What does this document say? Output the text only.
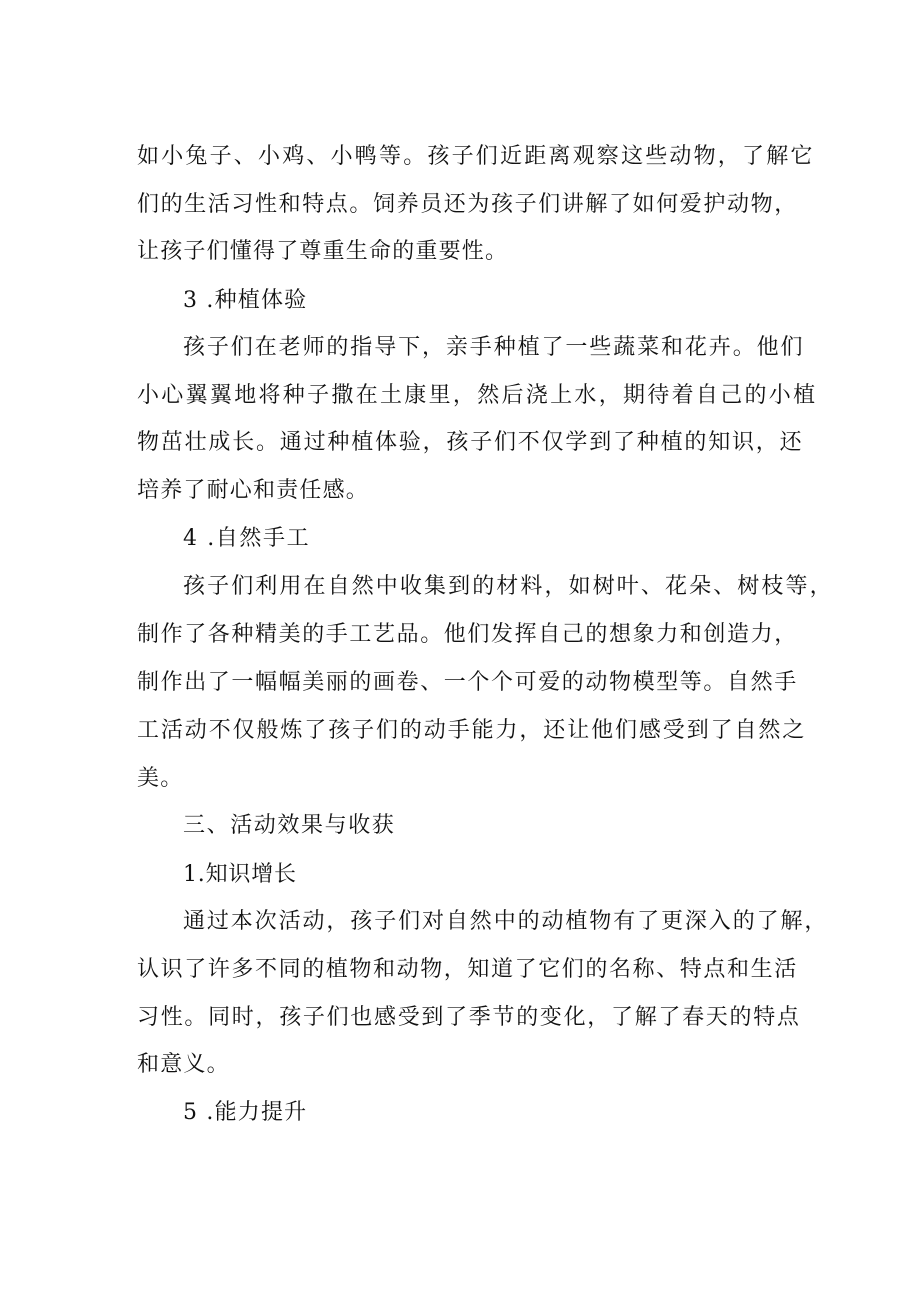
如小兔子、小鸡、小鸭等。孩子们近距离观察这些动物，了解它
们的生活习性和特点。饲养员还为孩子们讲解了如何爱护动物，
让孩子们懂得了尊重生命的重要性。
3 .种植体验
孩子们在老师的指导下，亲手种植了一些蔬菜和花卉。他们
小心翼翼地将种子撒在土康里，然后浇上水，期待着自己的小植
物茁壮成长。通过种植体验，孩子们不仅学到了种植的知识，还
培养了耐心和责任感。
4 .自然手工
孩子们利用在自然中收集到的材料，如树叶、花朵、树枝等，
制作了各种精美的手工艺品。他们发挥自己的想象力和创造力，
制作出了一幅幅美丽的画卷、一个个可爱的动物模型等。自然手
工活动不仅般炼了孩子们的动手能力，还让他们感受到了自然之
美。
三、活动效果与收获
1.知识增长
通过本次活动，孩子们对自然中的动植物有了更深入的了解，
认识了许多不同的植物和动物，知道了它们的名称、特点和生活
习性。同时，孩子们也感受到了季节的变化，了解了春天的特点
和意义。
5 .能力提升
